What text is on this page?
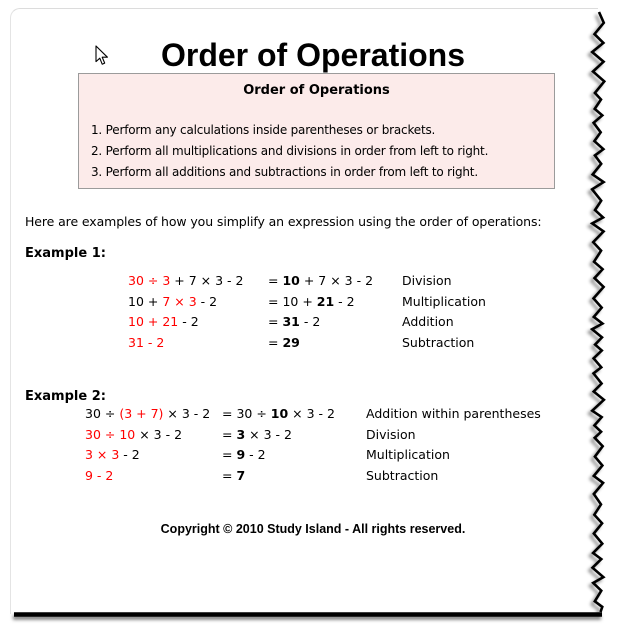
Order of Operations
Order of Operations
1. Perform any calculations inside parentheses or brackets.
2. Perform all multiplications and divisions in order from left to right.
3. Perform all additions and subtractions in order from left to right.

Here are examples of how you simplify an expression using the order of operations:

Example 1:
30 ÷ 3 + 7 × 3 - 2	= 10 + 7 × 3 - 2	Division
10 + 7 × 3 - 2	= 10 + 21 - 2	Multiplication
10 + 21 - 2	= 31 - 2	Addition
31 - 2	= 29	Subtraction
Example 2:
30 ÷ (3 + 7) × 3 - 2	= 30 ÷ 10 × 3 - 2	Addition within parentheses
30 ÷ 10 × 3 - 2	= 3 × 3 - 2	Division
3 × 3 - 2	= 9 - 2	Multiplication
9 - 2	= 7	Subtraction
Copyright © 2010 Study Island - All rights reserved.
